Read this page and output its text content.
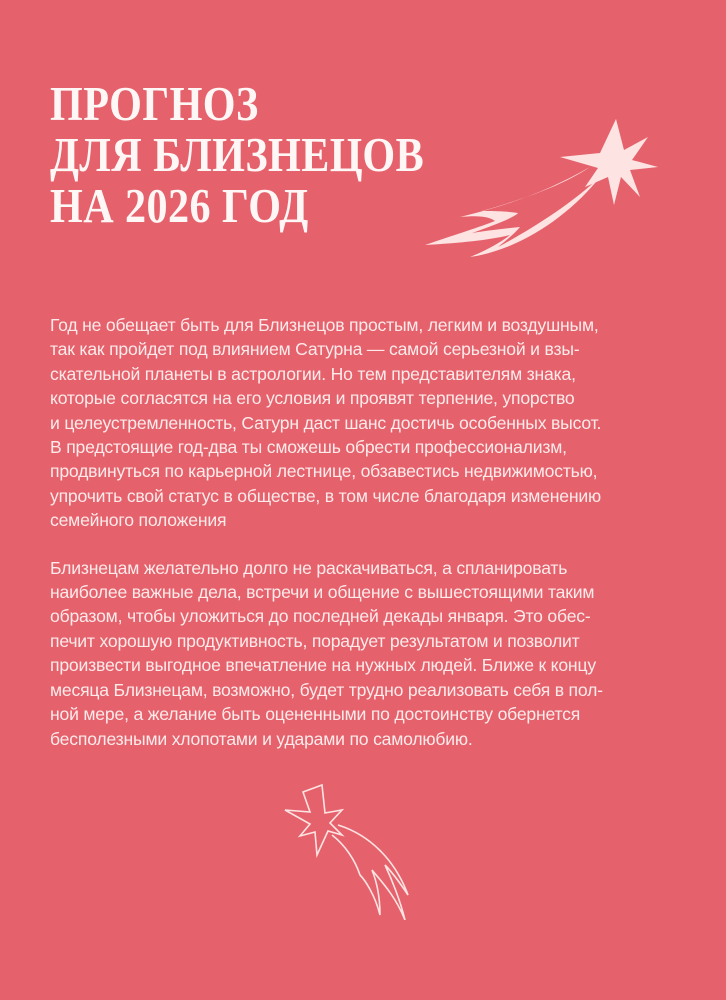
ПРОГНОЗ
ДЛЯ БЛИЗНЕЦОВ
НА 2026 ГОД

Год не обещает быть для Близнецов простым, легким и воздушным,
так как пройдет под влиянием Сатурна — самой серьезной и взы-
скательной планеты в астрологии. Но тем представителям знака,
которые согласятся на его условия и проявят терпение, упорство
и целеустремленность, Сатурн даст шанс достичь особенных высот.
В предстоящие год-два ты сможешь обрести профессионализм,
продвинуться по карьерной лестнице, обзавестись недвижимостью,
упрочить свой статус в обществе, в том числе благодаря изменению
семейного положения

Близнецам желательно долго не раскачиваться, а спланировать
наиболее важные дела, встречи и общение с вышестоящими таким
образом, чтобы уложиться до последней декады января. Это обес-
печит хорошую продуктивность, порадует результатом и позволит
произвести выгодное впечатление на нужных людей. Ближе к концу
месяца Близнецам, возможно, будет трудно реализовать себя в пол-
ной мере, а желание быть оцененными по достоинству обернется
бесполезными хлопотами и ударами по самолюбию.
